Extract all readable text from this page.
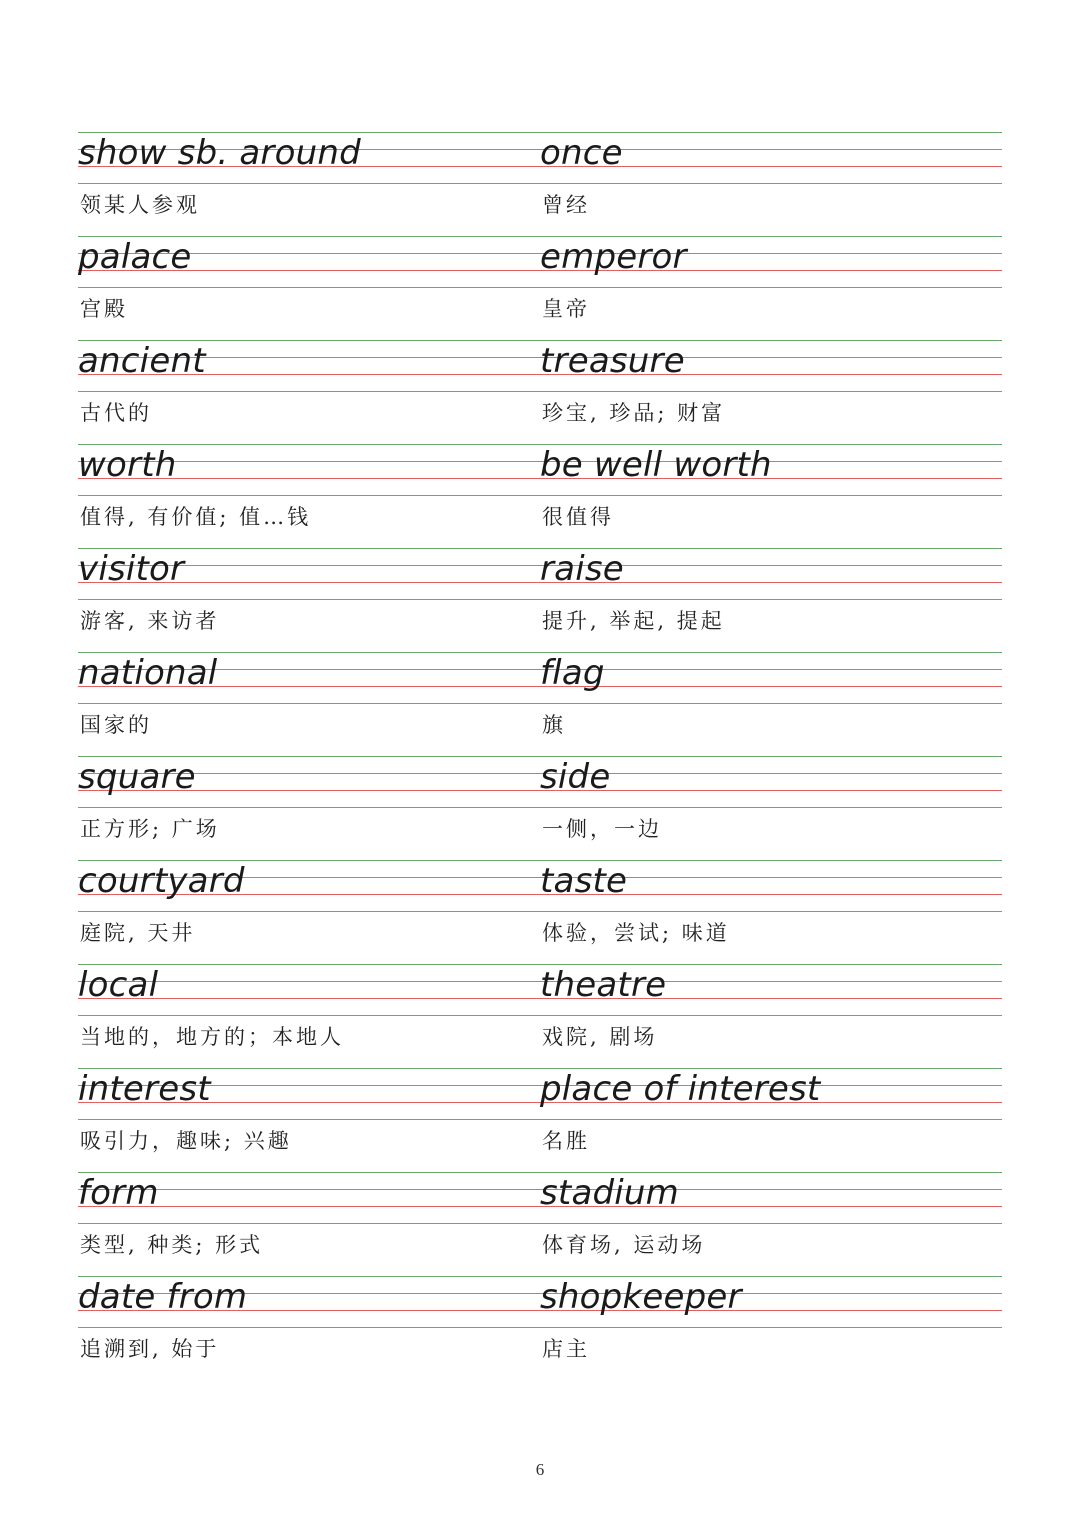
show sb. around
领某人参观
once
曾经
palace
宫殿
emperor
皇帝
ancient
古代的
treasure
珍宝, 珍品; 财富
worth
值得, 有价值; 值…钱
be well worth
很值得
visitor
游客, 来访者
raise
提升, 举起, 提起
national
国家的
flag
旗
square
正方形; 广场
side
一侧，一边
courtyard
庭院, 天井
taste
体验，尝试; 味道
local
当地的，地方的；本地人
theatre
戏院, 剧场
interest
吸引力，趣味; 兴趣
place of interest
名胜
form
类型, 种类; 形式
stadium
体育场, 运动场
date from
追溯到, 始于
shopkeeper
店主
6
